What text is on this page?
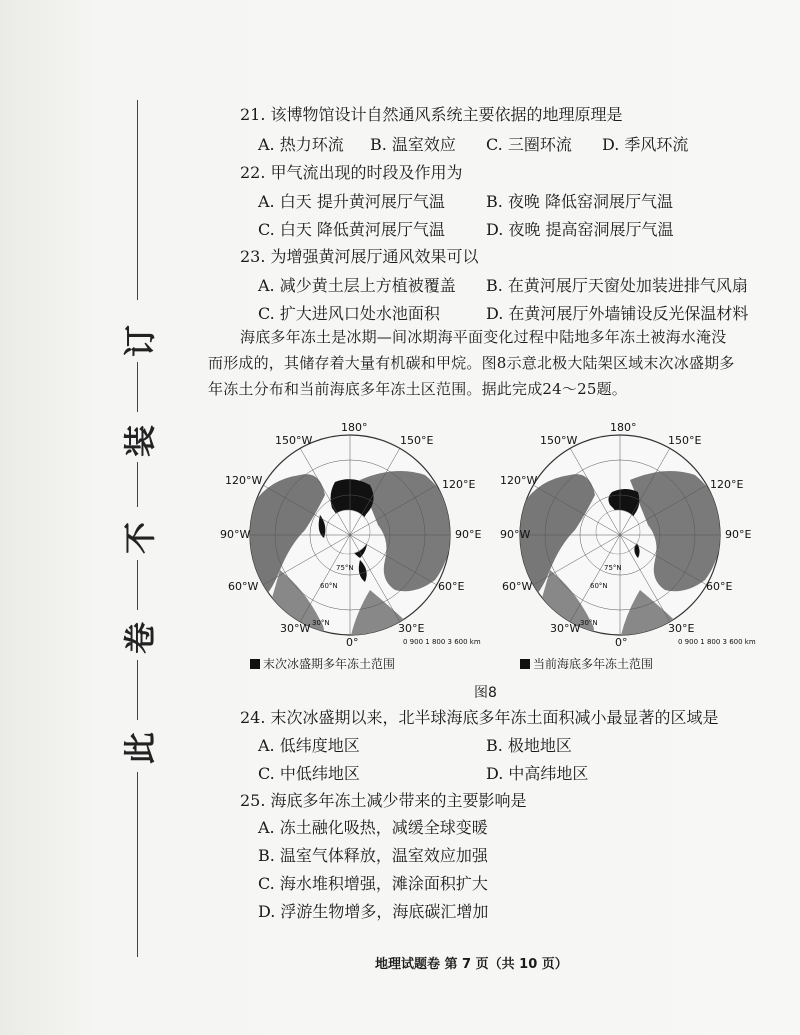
订
装
不
卷
此
21. 该博物馆设计自然通风系统主要依据的地理原理是
A. 热力环流 B. 温室效应 C. 三圈环流 D. 季风环流
22. 甲气流出现的时段及作用为
A. 白天 提升黄河展厅气温	B. 夜晚 降低窑洞展厅气温
C. 白天 降低黄河展厅气温	D. 夜晚 提高窑洞展厅气温
23. 为增强黄河展厅通风效果可以
A. 减少黄土层上方植被覆盖 B. 在黄河展厅天窗处加装进排气风扇
C. 扩大进风口处水池面积	D. 在黄河展厅外墙铺设反光保温材料
海底多年冻土是冰期—间冰期海平面变化过程中陆地多年冻土被海水淹没
而形成的，其储存着大量有机碳和甲烷。图8示意北极大陆架区域末次冰盛期多
年冻土分布和当前海底多年冻土区范围。据此完成24～25题。
180°
150°W	150°E
120°W	120°E
90°W	90°E
60°W	60°E
30°W	30°E
0°
75°N
60°N
30°N
0 900 1 800 3 600 km
180°
150°W	150°E
120°W	120°E
90°W	90°E
60°W	60°E
30°W	30°E
0°
75°N
60°N
30°N
0 900 1 800 3 600 km
末次冰盛期多年冻土范围	当前海底多年冻土范围
图8
24. 末次冰盛期以来，北半球海底多年冻土面积减小最显著的区域是
A. 低纬度地区	B. 极地地区
C. 中低纬地区	D. 中高纬地区
25. 海底多年冻土减少带来的主要影响是
A. 冻土融化吸热，减缓全球变暖
B. 温室气体释放，温室效应加强
C. 海水堆积增强，滩涂面积扩大
D. 浮游生物增多，海底碳汇增加
地理试题卷 第 7 页（共 10 页）
